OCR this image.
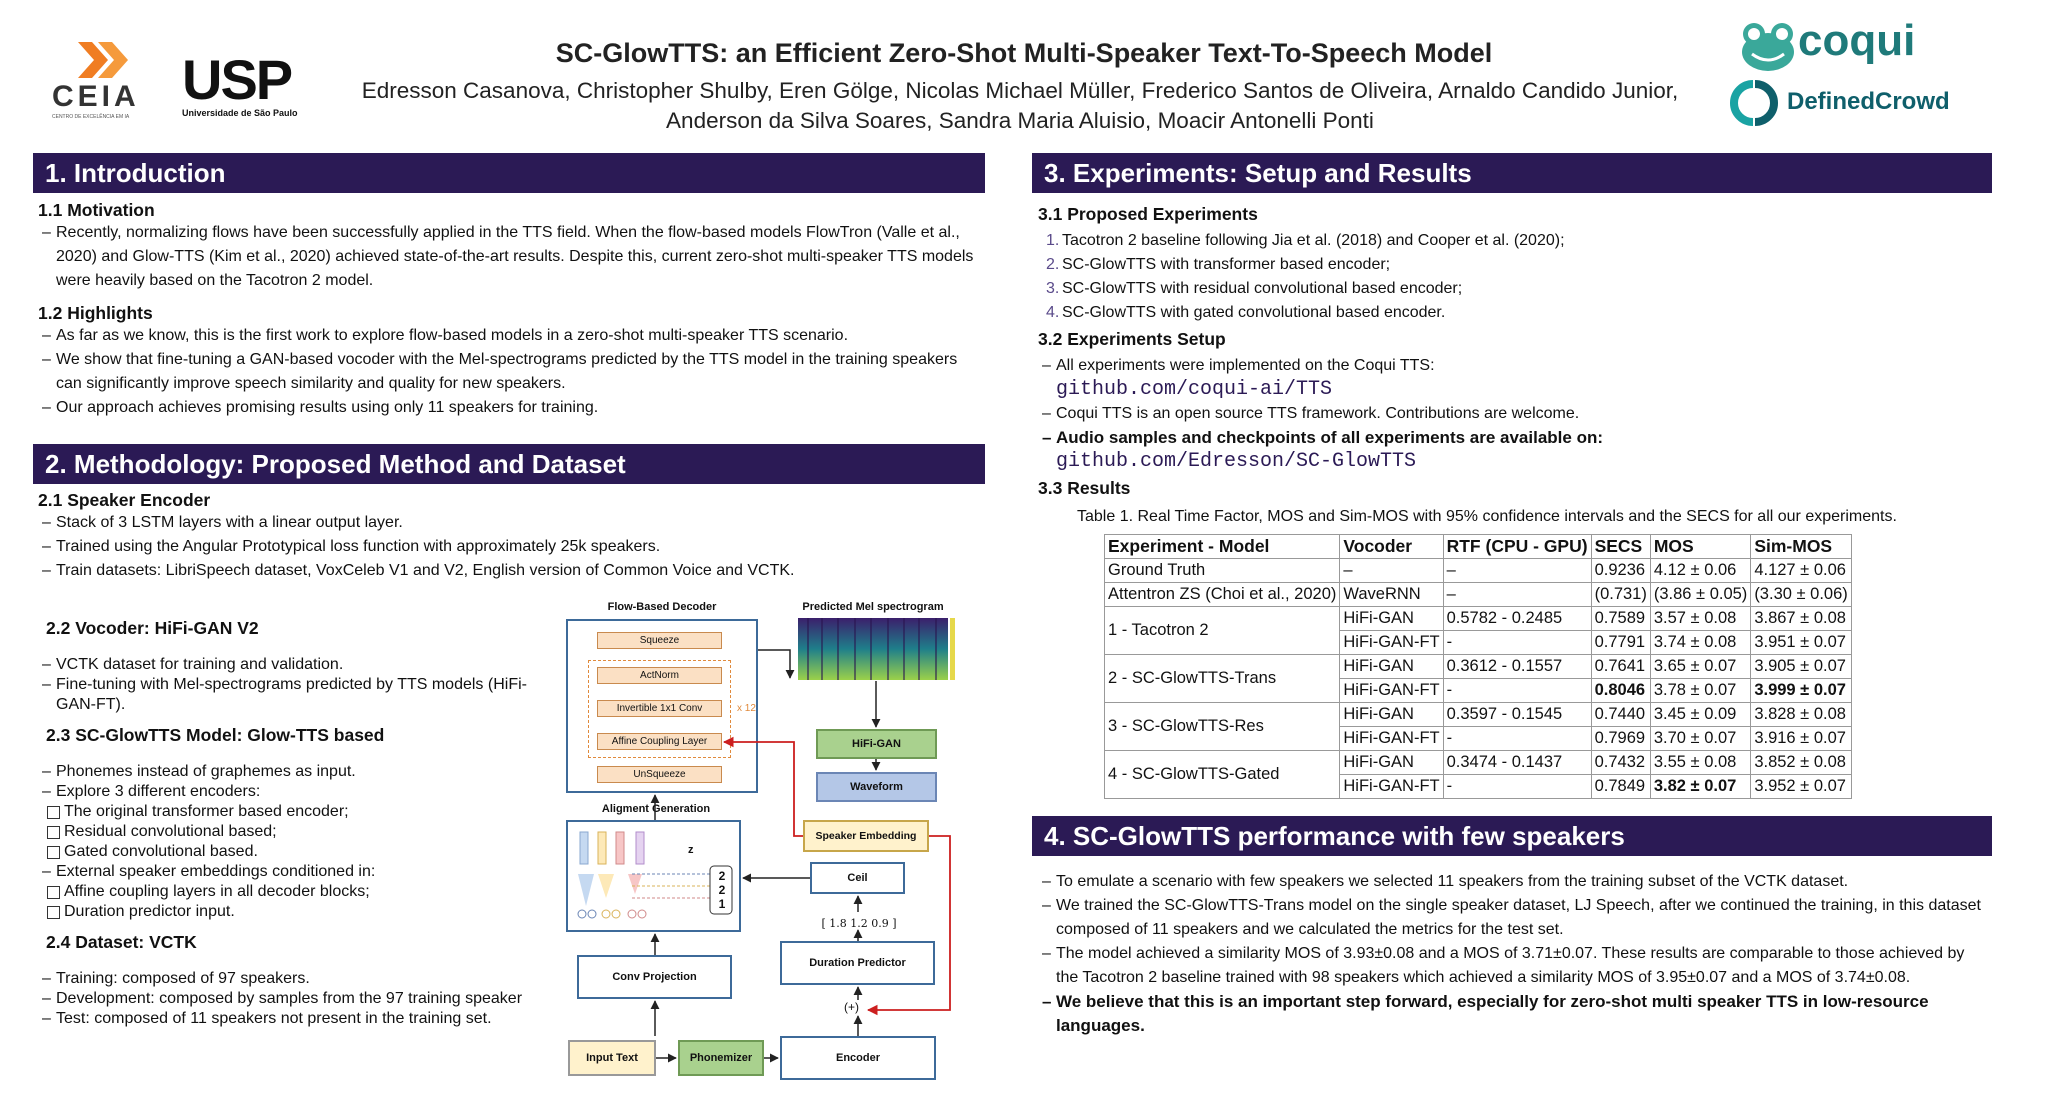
CEIA
CENTRO DE EXCELÊNCIA EM IA
USP
Universidade de São Paulo
SC-GlowTTS: an Efficient Zero-Shot Multi-Speaker Text-To-Speech Model
Edresson Casanova, Christopher Shulby, Eren Gölge, Nicolas Michael Müller, Frederico Santos de Oliveira, Arnaldo Candido Junior,
Anderson da Silva Soares, Sandra Maria Aluisio, Moacir Antonelli Ponti
coqui
DefinedCrowd
1. Introduction
1.1 Motivation
– Recently, normalizing flows have been successfully applied in the TTS field. When the flow-based models FlowTron (Valle et al., 2020) and Glow-TTS (Kim et al., 2020) achieved state-of-the-art results. Despite this, current zero-shot multi-speaker TTS models were heavily based on the Tacotron 2 model.
1.2 Highlights
– As far as we know, this is the first work to explore flow-based models in a zero-shot multi-speaker TTS scenario.
– We show that fine-tuning a GAN-based vocoder with the Mel-spectrograms predicted by the TTS model in the training speakers can significantly improve speech similarity and quality for new speakers.
– Our approach achieves promising results using only 11 speakers for training.
2. Methodology: Proposed Method and Dataset
2.1 Speaker Encoder
– Stack of 3 LSTM layers with a linear output layer.
– Trained using the Angular Prototypical loss function with approximately 25k speakers.
– Train datasets: LibriSpeech dataset, VoxCeleb V1 and V2, English version of Common Voice and VCTK.
2.2 Vocoder: HiFi-GAN V2
– VCTK dataset for training and validation.
– Fine-tuning with Mel-spectrograms predicted by TTS models (HiFi-GAN-FT).
2.3 SC-GlowTTS Model: Glow-TTS based
– Phonemes instead of graphemes as input.
– Explore 3 different encoders:
The original transformer based encoder;
Residual convolutional based;
Gated convolutional based.
– External speaker embeddings conditioned in:
Affine coupling layers in all decoder blocks;
Duration predictor input.
2.4 Dataset: VCTK
– Training: composed of 97 speakers.
– Development: composed by samples from the 97 training speaker
– Test: composed of 11 speakers not present in the training set.
Flow-Based Decoder	Predicted Mel spectrogram
Squeeze
ActNorm
Invertible 1x1 Conv
Affine Coupling Layer
x 12
UnSqueeze
HiFi-GAN
Waveform
Aligment Generation
z
2
2
1
Speaker Embedding
Ceil
[ 1.8 1.2 0.9 ]
Conv Projection
Duration Predictor
(+)
Input Text	Phonemizer	Encoder
3. Experiments: Setup and Results
3.1 Proposed Experiments
1. Tacotron 2 baseline following Jia et al. (2018) and Cooper et al. (2020);
2. SC-GlowTTS with transformer based encoder;
3. SC-GlowTTS with residual convolutional based encoder;
4. SC-GlowTTS with gated convolutional based encoder.
3.2 Experiments Setup
– All experiments were implemented on the Coqui TTS:
github.com/coqui-ai/TTS
– Coqui TTS is an open source TTS framework. Contributions are welcome.
– Audio samples and checkpoints of all experiments are available on:
github.com/Edresson/SC-GlowTTS
3.3 Results
Table 1. Real Time Factor, MOS and Sim-MOS with 95% confidence intervals and the SECS for all our experiments.
Experiment - Model	Vocoder	RTF (CPU - GPU)	SECS	MOS	Sim-MOS
Ground Truth	–	–	0.9236	4.12 ± 0.06	4.127 ± 0.06
Attentron ZS (Choi et al., 2020)	WaveRNN	–	(0.731)	(3.86 ± 0.05)	(3.30 ± 0.06)
1 - Tacotron 2	HiFi-GAN	0.5782 - 0.2485	0.7589	3.57 ± 0.08	3.867 ± 0.08
	HiFi-GAN-FT	-	0.7791	3.74 ± 0.08	3.951 ± 0.07
2 - SC-GlowTTS-Trans	HiFi-GAN	0.3612 - 0.1557	0.7641	3.65 ± 0.07	3.905 ± 0.07
	HiFi-GAN-FT	-	0.8046	3.78 ± 0.07	3.999 ± 0.07
3 - SC-GlowTTS-Res	HiFi-GAN	0.3597 - 0.1545	0.7440	3.45 ± 0.09	3.828 ± 0.08
	HiFi-GAN-FT	-	0.7969	3.70 ± 0.07	3.916 ± 0.07
4 - SC-GlowTTS-Gated	HiFi-GAN	0.3474 - 0.1437	0.7432	3.55 ± 0.08	3.852 ± 0.08
	HiFi-GAN-FT	-	0.7849	3.82 ± 0.07	3.952 ± 0.07
4. SC-GlowTTS performance with few speakers
– To emulate a scenario with few speakers we selected 11 speakers from the training subset of the VCTK dataset.
– We trained the SC-GlowTTS-Trans model on the single speaker dataset, LJ Speech, after we continued the training, in this dataset composed of 11 speakers and we calculated the metrics for the test set.
– The model achieved a similarity MOS of 3.93±0.08 and a MOS of 3.71±0.07. These results are comparable to those achieved by the Tacotron 2 baseline trained with 98 speakers which achieved a similarity MOS of 3.95±0.07 and a MOS of 3.74±0.08.
– We believe that this is an important step forward, especially for zero-shot multi speaker TTS in low-resource languages.
